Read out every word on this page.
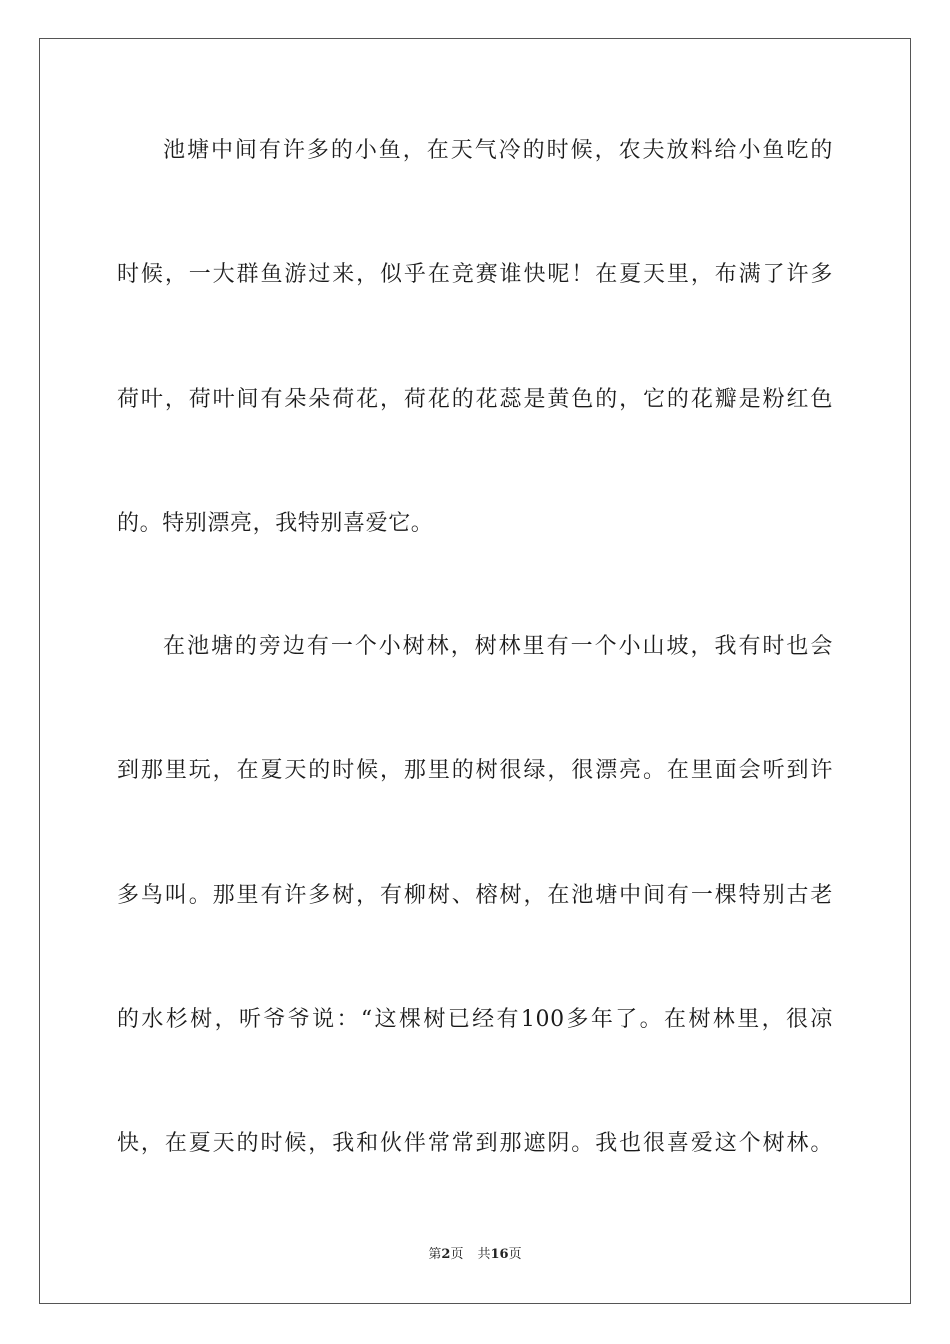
池塘中间有许多的小鱼，在天气冷的时候，农夫放料给小鱼吃的
时候，一大群鱼游过来，似乎在竞赛谁快呢！在夏天里，布满了许多
荷叶，荷叶间有朵朵荷花，荷花的花蕊是黄色的，它的花瓣是粉红色
的。特别漂亮，我特别喜爱它。
在池塘的旁边有一个小树林，树林里有一个小山坡，我有时也会
到那里玩，在夏天的时候，那里的树很绿，很漂亮。在里面会听到许
多鸟叫。那里有许多树，有柳树、榕树，在池塘中间有一棵特别古老
的水杉树，听爷爷说：“这棵树已经有100多年了。在树林里，很凉
快，在夏天的时候，我和伙伴常常到那遮阴。我也很喜爱这个树林。
第2页 共16页
